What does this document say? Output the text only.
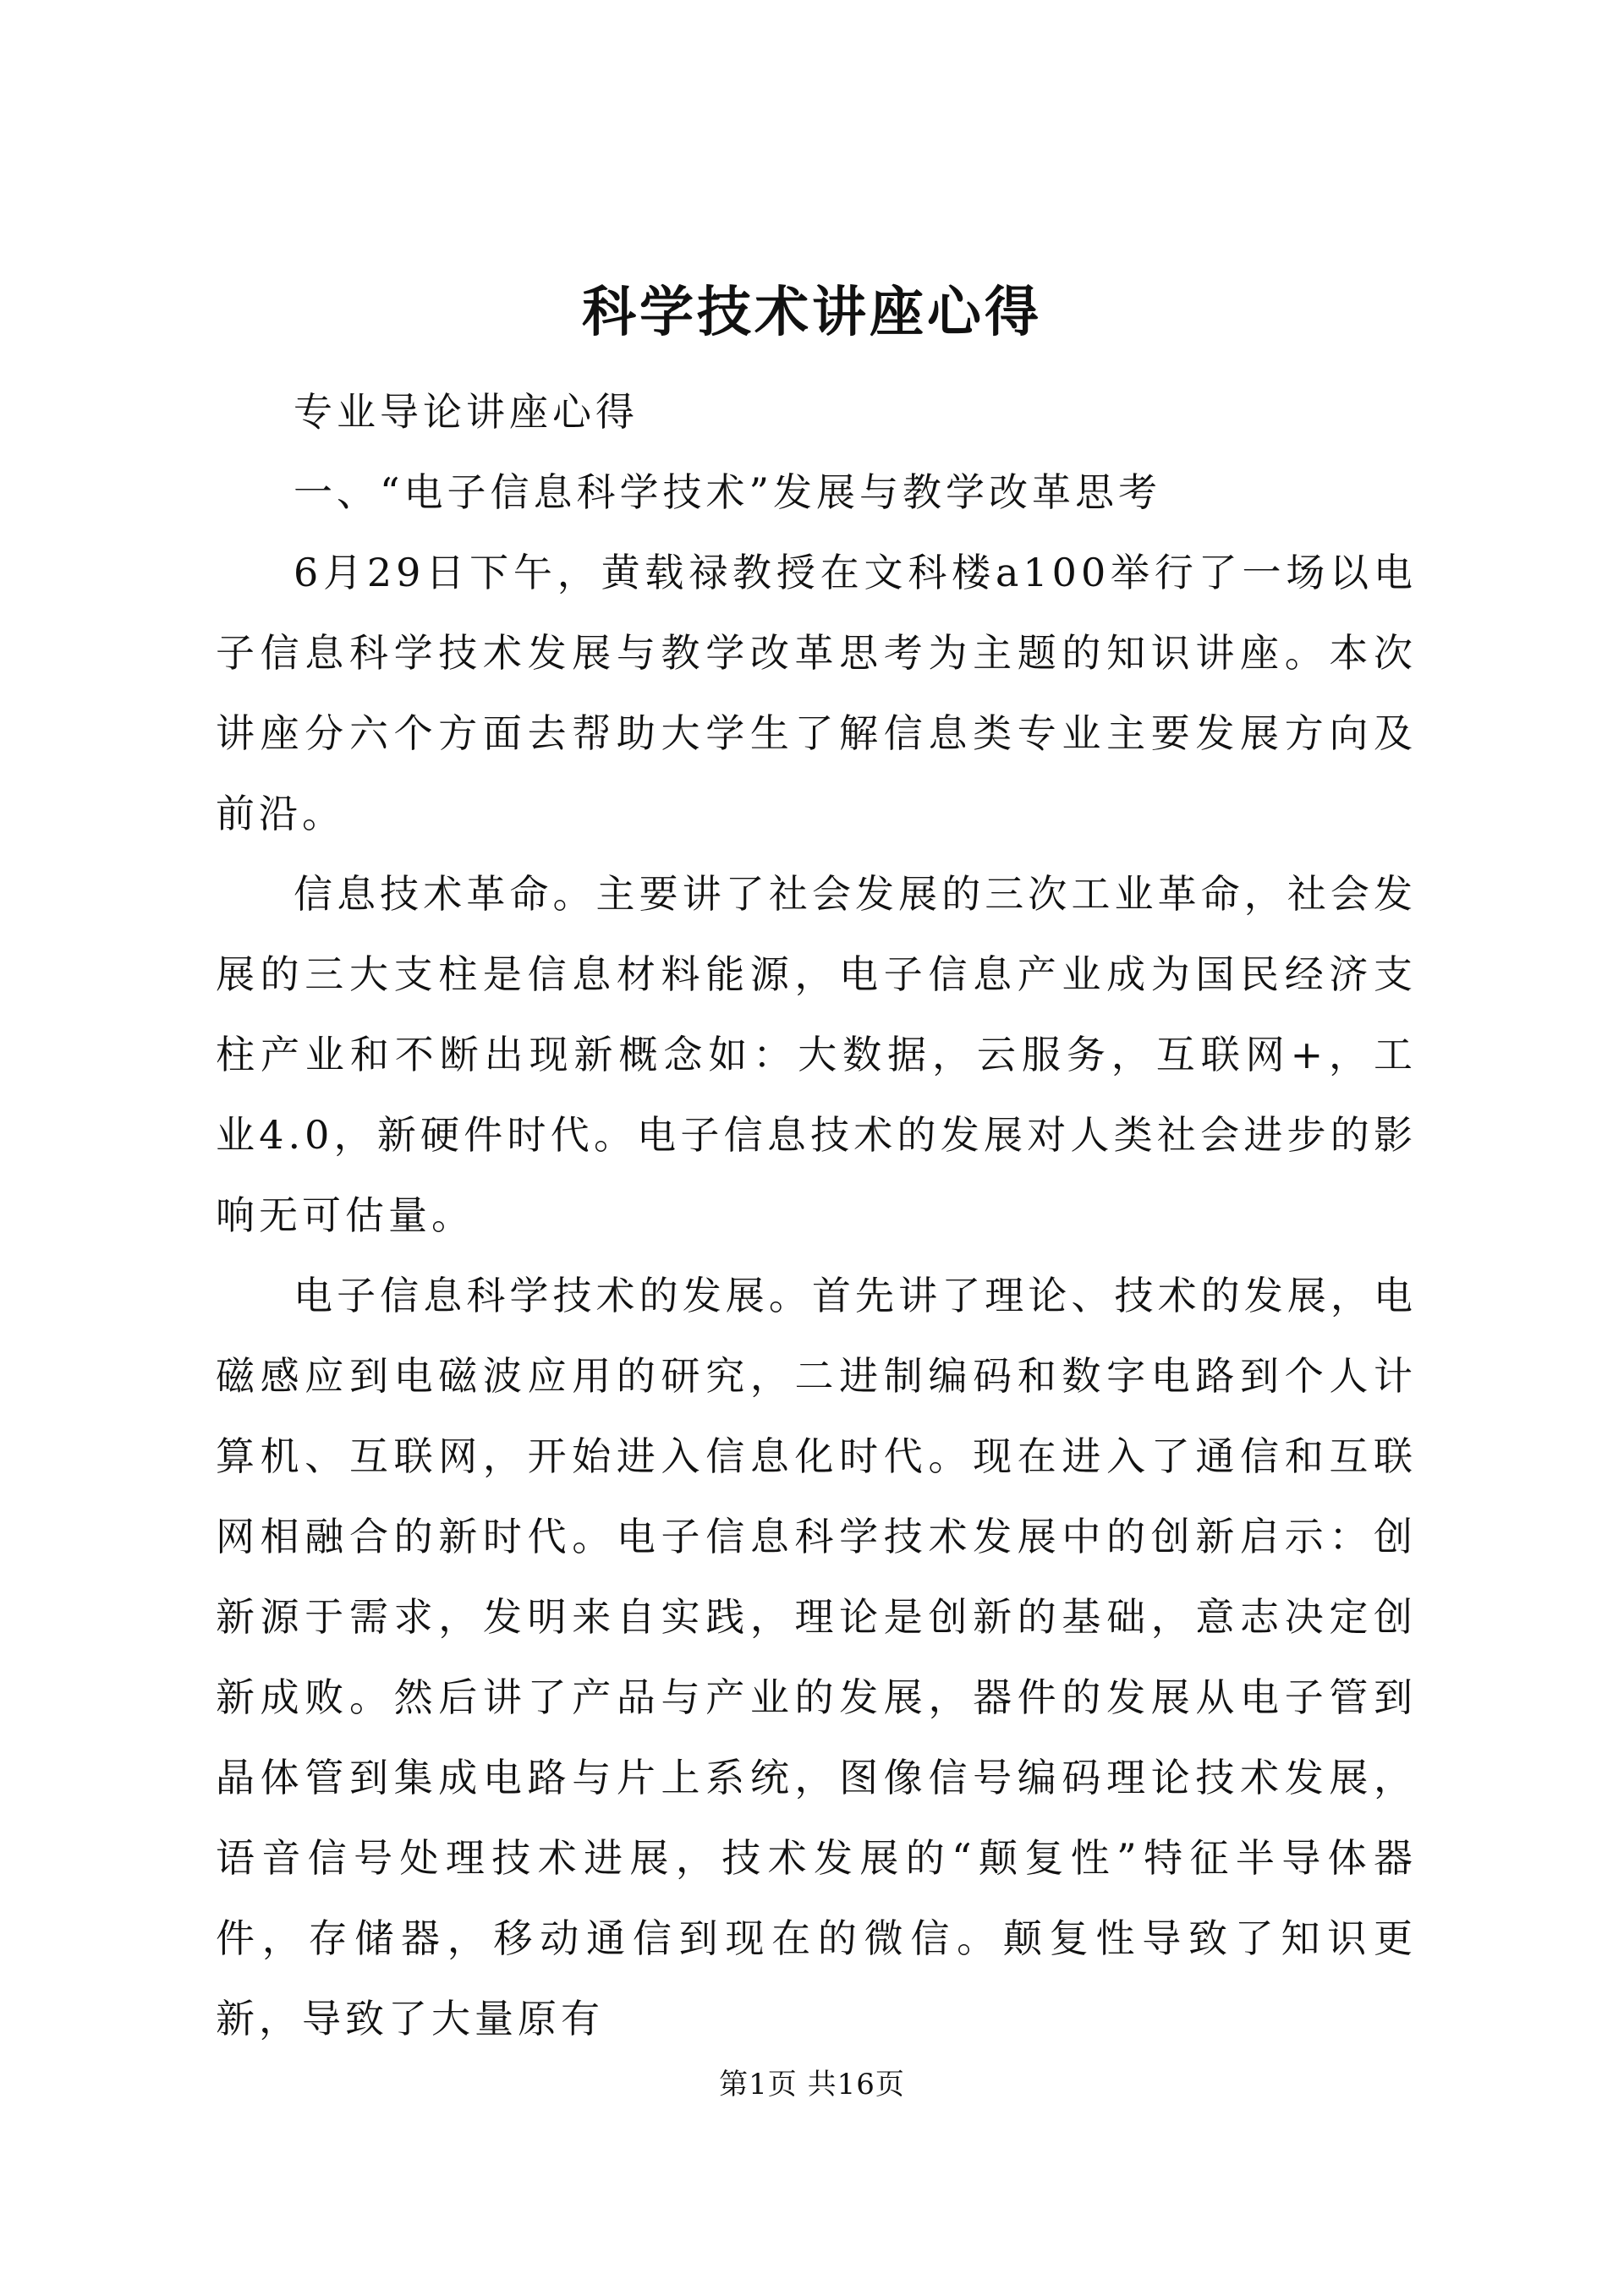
科学技术讲座心得

专业导论讲座心得

一、“电子信息科学技术”发展与教学改革思考

6月29日下午，黄载禄教授在文科楼a100举行了一场以电子信息科学技术发展与教学改革思考为主题的知识讲座。本次讲座分六个方面去帮助大学生了解信息类专业主要发展方向及前沿。

信息技术革命。主要讲了社会发展的三次工业革命，社会发展的三大支柱是信息材料能源，电子信息产业成为国民经济支柱产业和不断出现新概念如：大数据，云服务，互联网+，工业4.0，新硬件时代。电子信息技术的发展对人类社会进步的影响无可估量。

电子信息科学技术的发展。首先讲了理论、技术的发展，电磁感应到电磁波应用的研究，二进制编码和数字电路到个人计算机、互联网，开始进入信息化时代。现在进入了通信和互联网相融合的新时代。电子信息科学技术发展中的创新启示：创新源于需求，发明来自实践，理论是创新的基础，意志决定创新成败。然后讲了产品与产业的发展，器件的发展从电子管到晶体管到集成电路与片上系统，图像信号编码理论技术发展，语音信号处理技术进展，技术发展的“颠复性”特征半导体器件，存储器，移动通信到现在的微信。颠复性导致了知识更新，导致了大量原有

第1页 共16页
